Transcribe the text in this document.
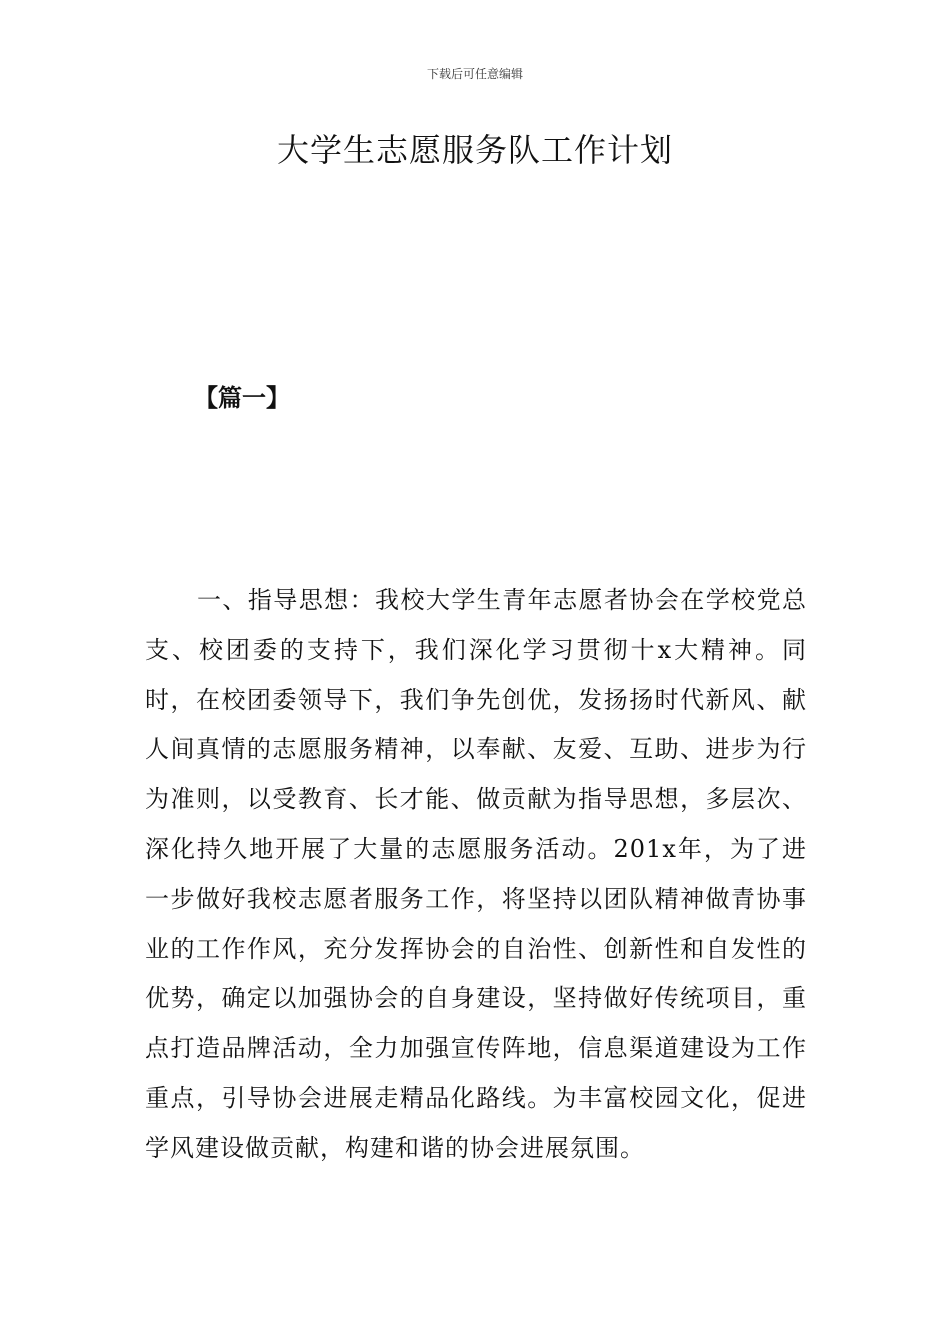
下载后可任意编辑
大学生志愿服务队工作计划

【篇一】

一、指导思想：我校大学生青年志愿者协会在学校党总支、校团委的支持下，我们深化学习贯彻十x大精神。同时，在校团委领导下，我们争先创优，发扬扬时代新风、献人间真情的志愿服务精神，以奉献、友爱、互助、进步为行为准则，以受教育、长才能、做贡献为指导思想，多层次、深化持久地开展了大量的志愿服务活动。201x年，为了进一步做好我校志愿者服务工作，将坚持以团队精神做青协事业的工作作风，充分发挥协会的自治性、创新性和自发性的优势，确定以加强协会的自身建设，坚持做好传统项目，重点打造品牌活动，全力加强宣传阵地，信息渠道建设为工作重点，引导协会进展走精品化路线。为丰富校园文化，促进学风建设做贡献，构建和谐的协会进展氛围。
